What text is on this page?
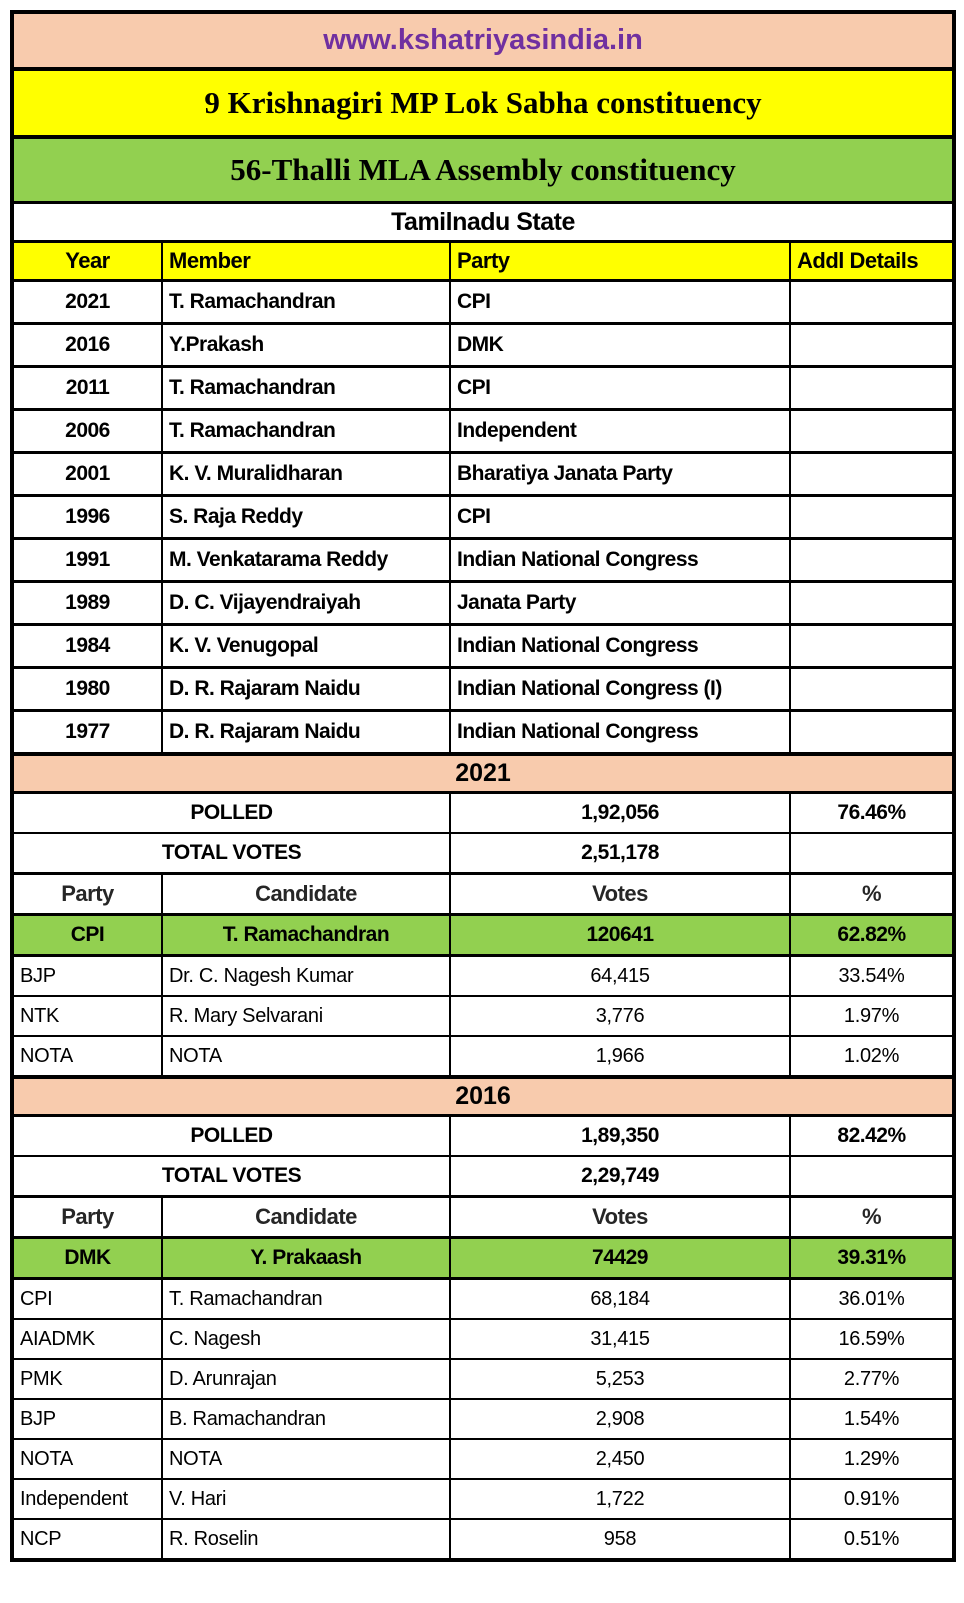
www.kshatriyasindia.in			
9 Krishnagiri MP Lok Sabha constituency			
56-Thalli MLA Assembly constituency			
Tamilnadu State			
Year	Member	Party	Addl Details
2021	T. Ramachandran	CPI	
2016	Y.Prakash	DMK	
2011	T. Ramachandran	CPI	
2006	T. Ramachandran	Independent	
2001	K. V. Muralidharan	Bharatiya Janata Party	
1996	S. Raja Reddy	CPI	
1991	M. Venkatarama Reddy	Indian National Congress	
1989	D. C. Vijayendraiyah	Janata Party	
1984	K. V. Venugopal	Indian National Congress	
1980	D. R. Rajaram Naidu	Indian National Congress (I)	
1977	D. R. Rajaram Naidu	Indian National Congress	
2021			
POLLED		1,92,056	76.46%
TOTAL VOTES		2,51,178	
Party	Candidate	Votes	%
CPI	T. Ramachandran	120641	62.82%
BJP	Dr. C. Nagesh Kumar	64,415	33.54%
NTK	R. Mary Selvarani	3,776	1.97%
NOTA	NOTA	1,966	1.02%
2016			
POLLED		1,89,350	82.42%
TOTAL VOTES		2,29,749	
Party	Candidate	Votes	%
DMK	Y. Prakaash	74429	39.31%
CPI	T. Ramachandran	68,184	36.01%
AIADMK	C. Nagesh	31,415	16.59%
PMK	D. Arunrajan	5,253	2.77%
BJP	B. Ramachandran	2,908	1.54%
NOTA	NOTA	2,450	1.29%
Independent	V. Hari	1,722	0.91%
NCP	R. Roselin	958	0.51%
